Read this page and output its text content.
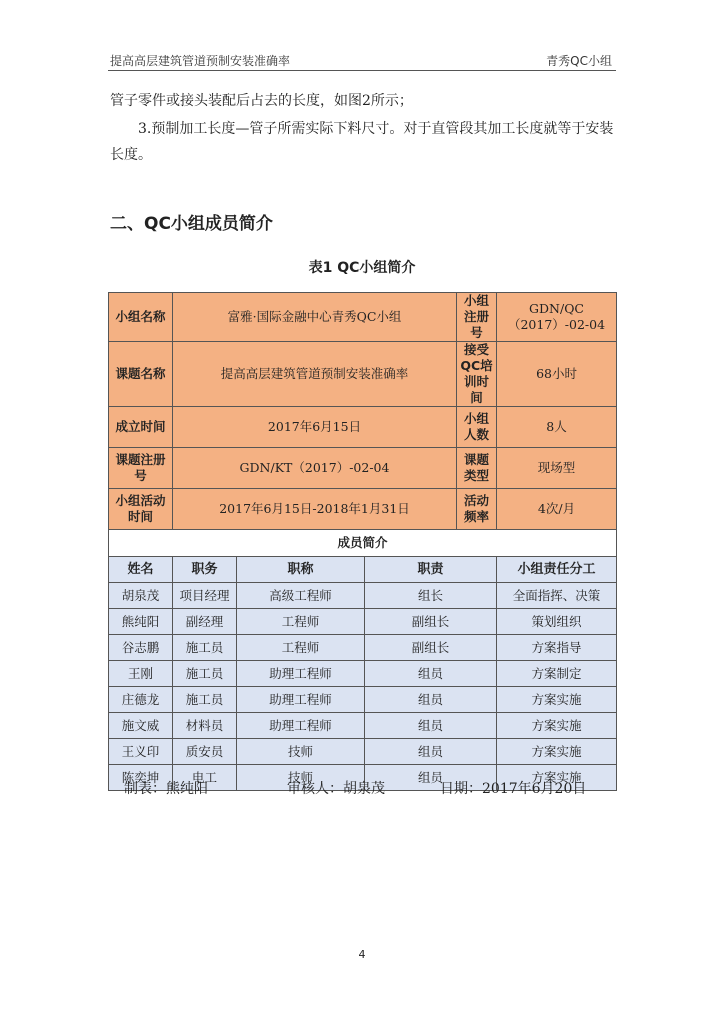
提高高层建筑管道预制安装准确率	青秀QC小组
管子零件或接头装配后占去的长度，如图2所示；
3.预制加工长度—管子所需实际下料尺寸。对于直管段其加工长度就等于安装长度。
二、QC小组成员简介
表1 QC小组简介
小组名称	富雅·国际金融中心青秀QC小组			小组注册号	GDN/QC（2017）-02-04
课题名称	提高高层建筑管道预制安装准确率			接受QC培训时间	68小时
成立时间	2017年6月15日			小组人数	8人
课题注册号	GDN/KT（2017）-02-04			课题类型	现场型
小组活动时间	2017年6月15日-2018年1月31日			活动频率	4次/月
成员简介					
姓名	职务	职称	职责		小组责任分工
胡泉茂	项目经理	高级工程师	组长		全面指挥、决策
熊纯阳	副经理	工程师	副组长		策划组织
谷志鹏	施工员	工程师	副组长		方案指导
王刚	施工员	助理工程师	组员		方案制定
庄德龙	施工员	助理工程师	组员		方案实施
施文威	材料员	助理工程师	组员		方案实施
王义印	质安员	技师	组员		方案实施
陈奕坤	电工	技师	组员		方案实施
制表：熊纯阳	审核人：胡泉茂	日期：2017年6月20日
4
